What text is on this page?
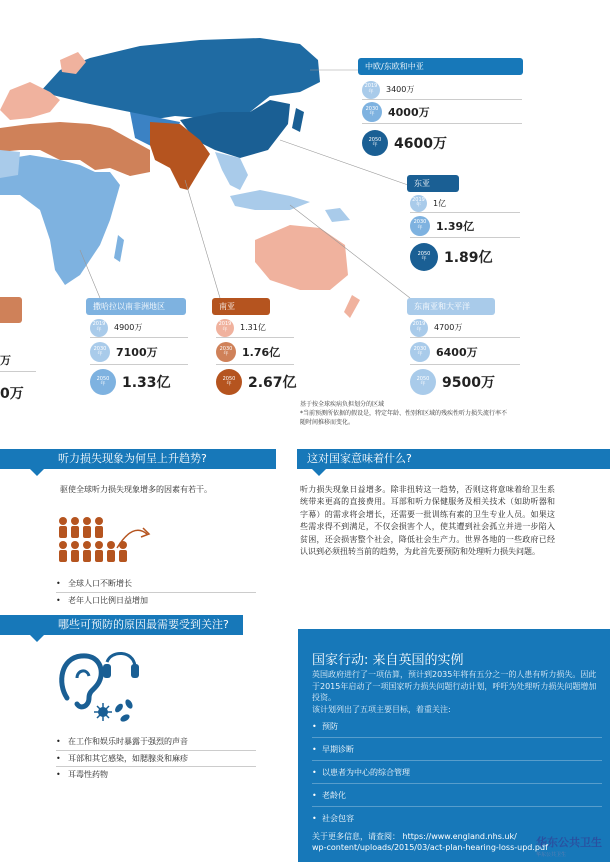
中欧/东欧和中亚
2019
年 3400万
2030
年 4000万
2050
年 4600万
东亚
2019
年 1亿
2030
年 1.39亿
2050
年 1.89亿
万
0万
撒哈拉以南非洲地区
2019
年 4900万
2030
年 7100万
2050
年 1.33亿
南亚
2019
年 1.31亿
2030
年 1.76亿
2050
年 2.67亿
东南亚和大平洋
2019
年 4700万
2030
年 6400万
2050
年 9500万
基于按全球疾病负担划分的区域
*当前预测所依据的假设是，特定年龄、性别和区域的残疾性听力损失流行率不
随时间推移而变化。
听力损失现象为何呈上升趋势?
驱使全球听力损失现象增多的因素有若干。
• 全球人口不断增长
• 老年人口比例日益增加
这对国家意味着什么?
听力损失现象日益增多。除非扭转这一趋势，否则这将意味着给卫生系统带来更高的直接费用。耳部和听力保健服务及相关技术（如助听器和字幕）的需求将会增长，还需要一批训练有素的卫生专业人员。如果这些需求得不到满足，不仅会损害个人，使其遭到社会孤立并进一步陷入贫困，还会损害整个社会，降低社会生产力。世界各地的一些政府已经认识到必须扭转当前的趋势，为此首先要预防和处理听力损失问题。
哪些可预防的原因最需要受到关注?
• 在工作和娱乐时暴露于强烈的声音
• 耳部和其它感染，如腮腺炎和麻疹
• 耳毒性药物
国家行动: 来自英国的实例
英国政府进行了一项估算，预计到2035年将有五分之一的人患有听力损失。因此于2015年启动了一项国家听力损失问题行动计划，呼吁为处理听力损失问题增加投资。
该计划列出了五项主要目标，着重关注:
• 预防
• 早期诊断
• 以患者为中心的综合管理
• 老龄化
• 社会包容
关于更多信息，请查阅： https://www.england.nhs.uk/
wp-content/uploads/2015/03/act-plan-hearing-loss-upd.pdf
华东公共卫生
华东公共卫生
